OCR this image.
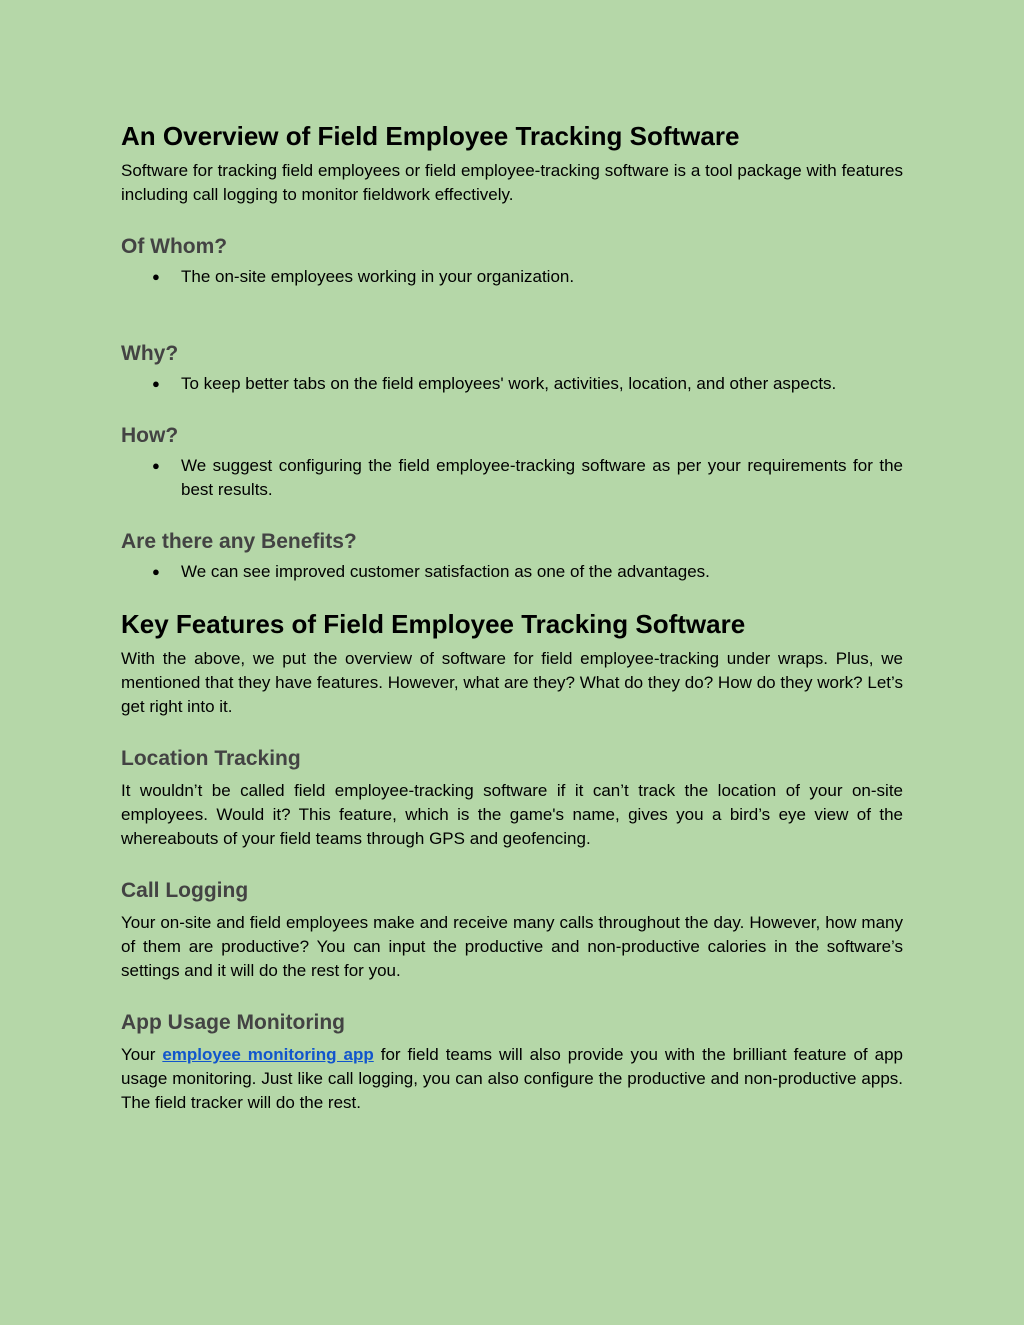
An Overview of Field Employee Tracking Software

Software for tracking field employees or field employee-tracking software is a tool package with features including call logging to monitor fieldwork effectively.

Of Whom?
● The on-site employees working in your organization.
Why?
● To keep better tabs on the field employees' work, activities, location, and other aspects.
How?
● We suggest configuring the field employee-tracking software as per your requirements for the best results.
Are there any Benefits?
● We can see improved customer satisfaction as one of the advantages.
Key Features of Field Employee Tracking Software

With the above, we put the overview of software for field employee-tracking under wraps. Plus, we mentioned that they have features. However, what are they? What do they do? How do they work? Let’s get right into it.

Location Tracking

It wouldn’t be called field employee-tracking software if it can’t track the location of your on-site employees. Would it? This feature, which is the game's name, gives you a bird’s eye view of the whereabouts of your field teams through GPS and geofencing.

Call Logging

Your on-site and field employees make and receive many calls throughout the day. However, how many of them are productive? You can input the productive and non-productive calories in the software’s settings and it will do the rest for you.

App Usage Monitoring

Your employee monitoring app for field teams will also provide you with the brilliant feature of app usage monitoring. Just like call logging, you can also configure the productive and non-productive apps. The field tracker will do the rest.
